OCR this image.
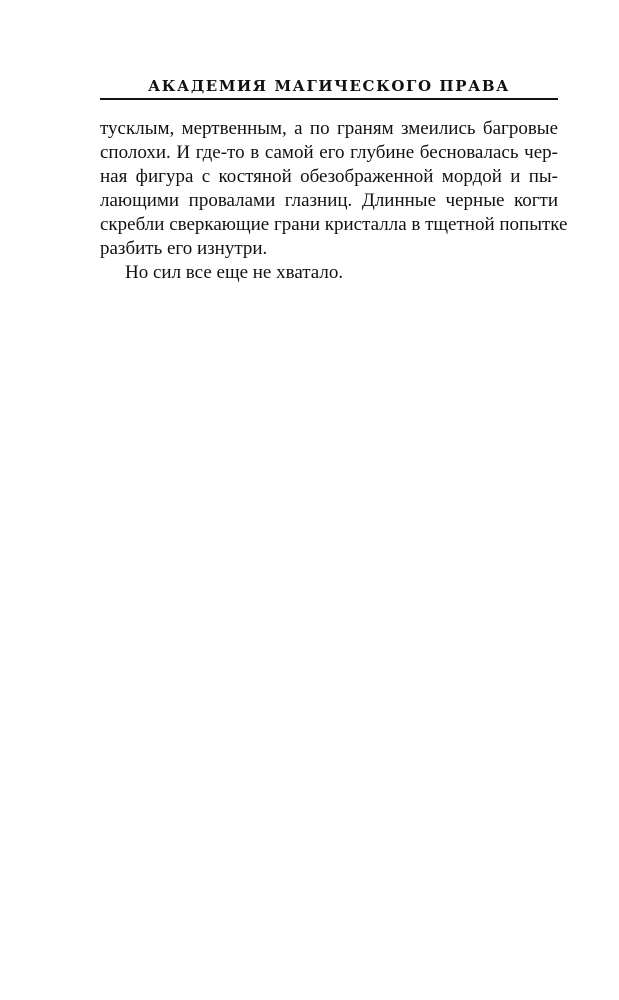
АКАДЕМИЯ МАГИЧЕСКОГО ПРАВА
тусклым, мертвенным, а по граням змеились багровые
сполохи. И где-то в самой его глубине бесновалась чер-
ная фигура с костяной обезображенной мордой и пы-
лающими провалами глазниц. Длинные черные когти
скребли сверкающие грани кристалла в тщетной попытке
разбить его изнутри.
Но сил все еще не хватало.
